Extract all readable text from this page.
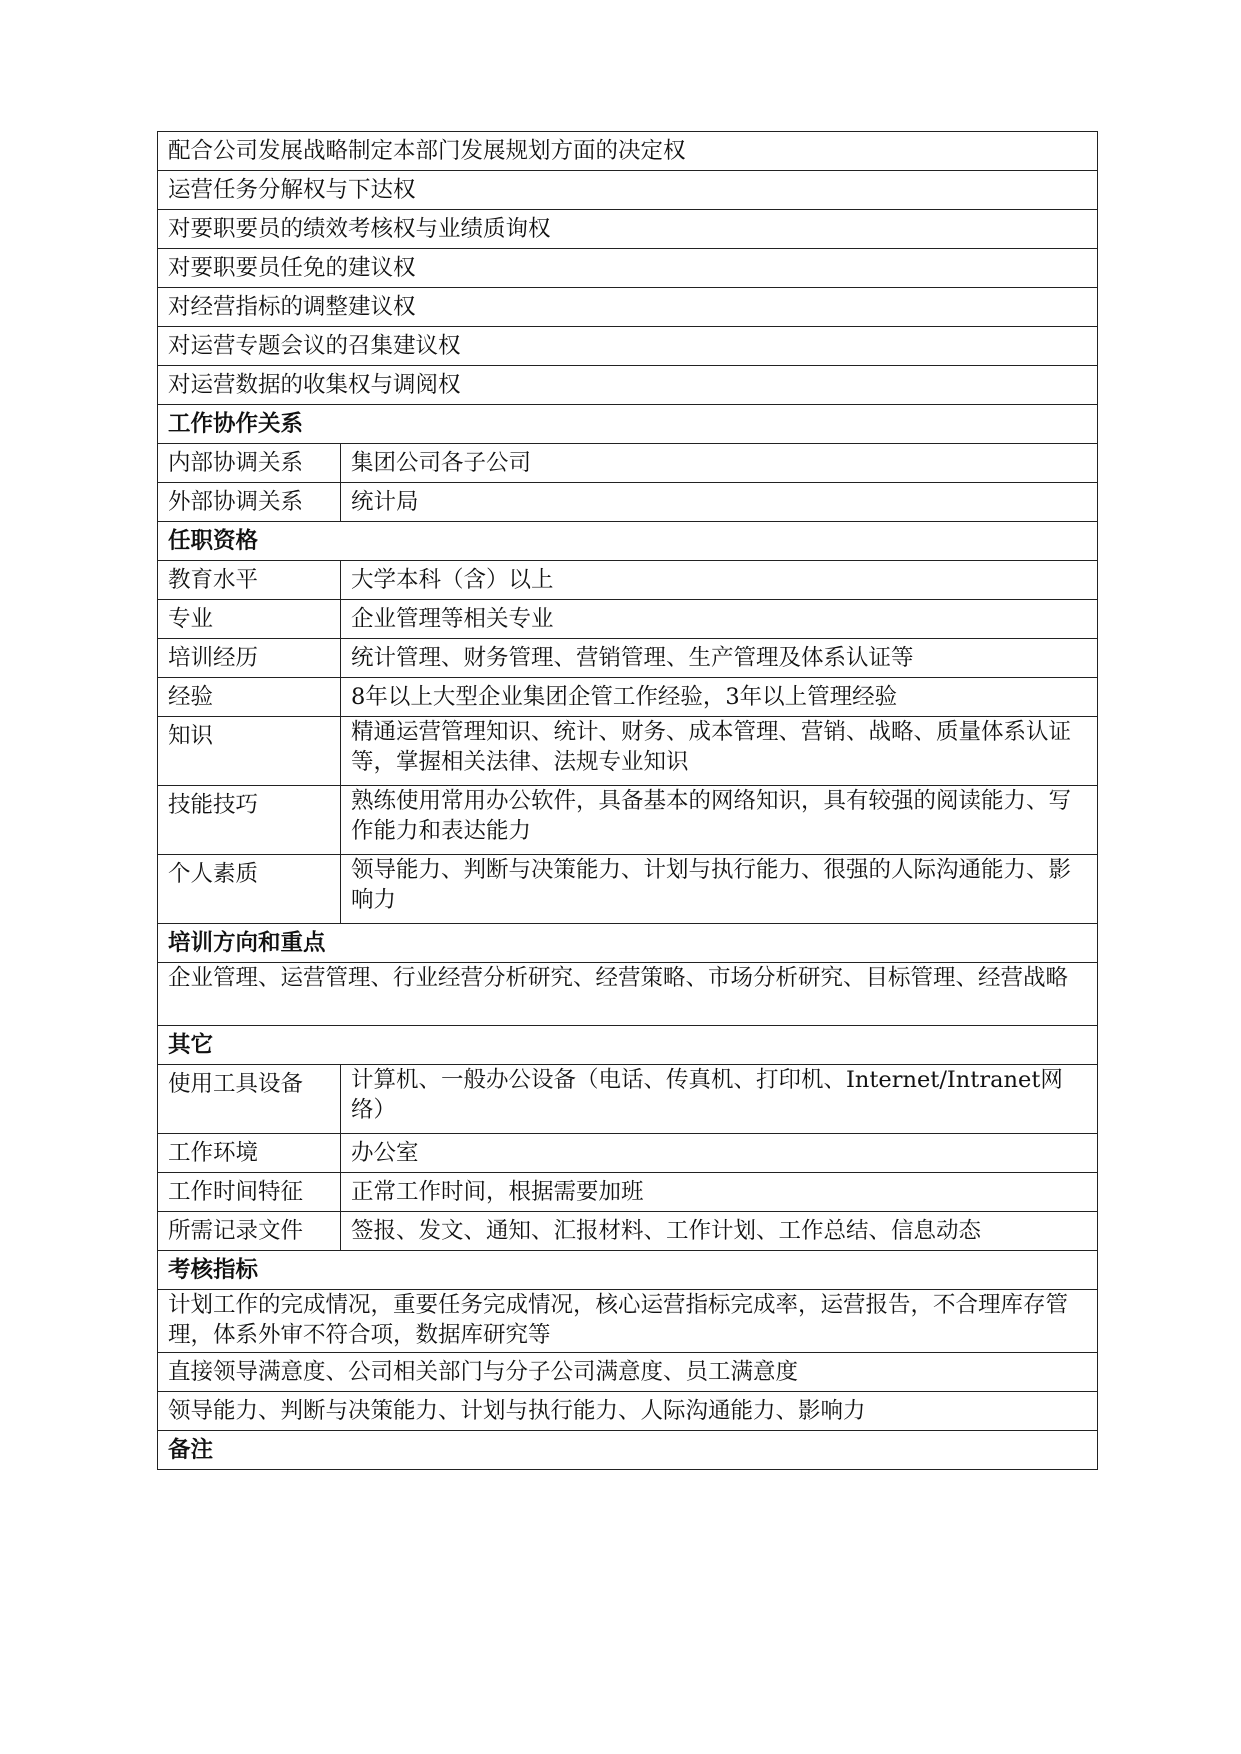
配合公司发展战略制定本部门发展规划方面的决定权	
运营任务分解权与下达权	
对要职要员的绩效考核权与业绩质询权	
对要职要员任免的建议权	
对经营指标的调整建议权	
对运营专题会议的召集建议权	
对运营数据的收集权与调阅权	
工作协作关系	
内部协调关系	集团公司各子公司
外部协调关系	统计局
任职资格	
教育水平	大学本科（含）以上
专业	企业管理等相关专业
培训经历	统计管理、财务管理、营销管理、生产管理及体系认证等
经验	8年以上大型企业集团企管工作经验，3年以上管理经验
知识	精通运营管理知识、统计、财务、成本管理、营销、战略、质量体系认证等，掌握相关法律、法规专业知识
技能技巧	熟练使用常用办公软件，具备基本的网络知识，具有较强的阅读能力、写作能力和表达能力
个人素质	领导能力、判断与决策能力、计划与执行能力、很强的人际沟通能力、影响力
培训方向和重点	
企业管理、运营管理、行业经营分析研究、经营策略、市场分析研究、目标管理、经营战略	
其它	
使用工具设备	计算机、一般办公设备（电话、传真机、打印机、Internet/Intranet网络）
工作环境	办公室
工作时间特征	正常工作时间，根据需要加班
所需记录文件	签报、发文、通知、汇报材料、工作计划、工作总结、信息动态
考核指标	
计划工作的完成情况，重要任务完成情况，核心运营指标完成率，运营报告，不合理库存管理，体系外审不符合项，数据库研究等	
直接领导满意度、公司相关部门与分子公司满意度、员工满意度	
领导能力、判断与决策能力、计划与执行能力、人际沟通能力、影响力	
备注	
